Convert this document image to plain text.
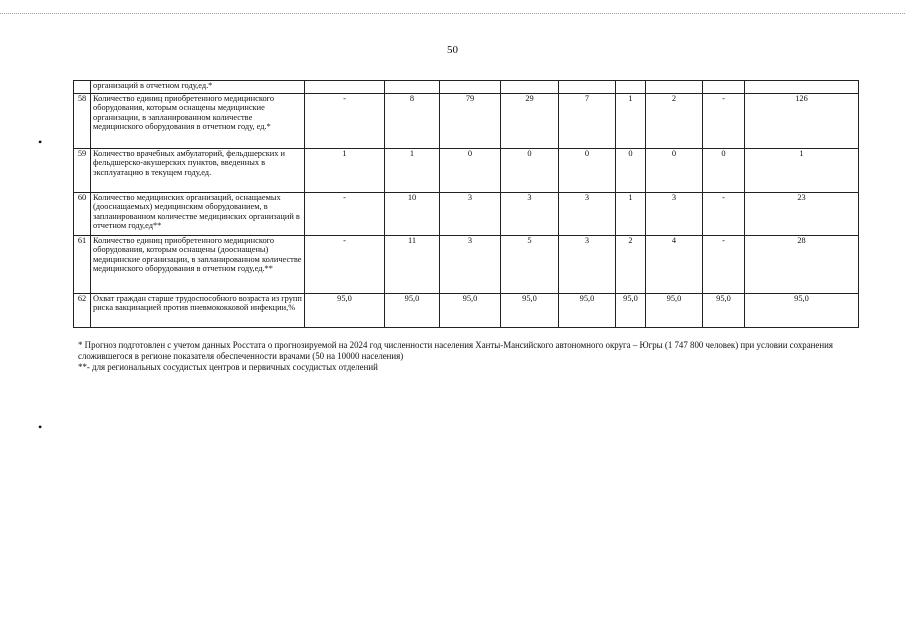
50
•
•
	организаций в отчетном году,ед.*									
58	Количество единиц приобретенного медицинского оборудования, которым оснащены медицинские организации, в запланированном количестве медицинского оборудования в отчетном году, ед.*	-	8	79	29	7	1	2	-	126
59	Количество врачебных амбулаторий, фельдшерских и фельдшерско-акушерских пунктов, введенных в эксплуатацию в текущем году,ед.	1	1	0	0	0	0	0	0	1
60	Количество медицинских организаций, оснащаемых (дооснащаемых) медицинским оборудованием, в запланированном количестве медицинских организаций в отчетном году,ед**	-	10	3	3	3	1	3	-	23
61	Количество единиц приобретенного медицинского оборудования, которым оснащены (дооснащены) медицинские организации, в запланированном количестве медицинского оборудования в отчетном году,ед.**	-	11	3	5	3	2	4	-	28
62	Охват граждан старше трудоспособного возраста из групп риска вакцинацией против пневмококковой инфекции,%	95,0	95,0	95,0	95,0	95,0	95,0	95,0	95,0	95,0

* Прогноз подготовлен с учетом данных Росстата о прогнозируемой на 2024 год численности населения Ханты-Мансийского автономного округа – Югры (1 747 800 человек) при условии сохранения сложившегося в регионе показателя обеспеченности врачами (50 на 10000 населения)

**- для региональных сосудистых центров и первичных сосудистых отделений
